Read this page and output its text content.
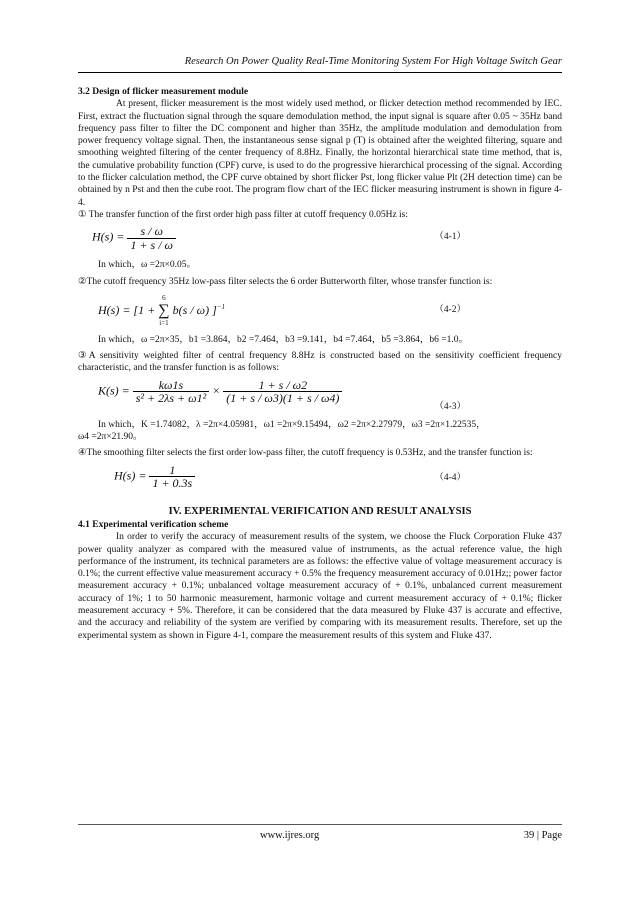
Research On Power Quality Real-Time Monitoring System For High Voltage Switch Gear

3.2 Design of flicker measurement module

At present, flicker measurement is the most widely used method, or flicker detection method recommended by IEC. First, extract the fluctuation signal through the square demodulation method, the input signal is square after 0.05 ~ 35Hz band frequency pass filter to filter the DC component and higher than 35Hz, the amplitude modulation and demodulation from power frequency voltage signal. Then, the instantaneous sense signal p (T) is obtained after the weighted filtering, square and smoothing weighted filtering of the center frequency of 8.8Hz. Finally, the horizontal hierarchical state time method, that is, the cumulative probability function (CPF) curve, is used to do the progressive hierarchical processing of the signal. According to the flicker calculation method, the CPF curve obtained by short flicker Pst, long flicker value Plt (2H detection time) can be obtained by n Pst and then the cube root. The program flow chart of the IEC flicker measuring instrument is shown in figure 4-4.

① The transfer function of the first order high pass filter at cutoff frequency 0.05Hz is:

$H(s) = \frac{s / \omega}{1 + s / \omega}$	（4-1）

In which，ω =2π×0.05。

②The cutoff frequency 35Hz low-pass filter selects the 6 order Butterworth filter, whose transfer function is:

H(s) = [1 +
6
∑
i=1
b(s / ω) ]$^{-1}$	（4-2）

In which，ω =2π×35，b1 =3.864，b2 =7.464，b3 =9.141，b4 =7.464，b5 =3.864，b6 =1.0。

③A sensitivity weighted filter of central frequency 8.8Hz is constructed based on the sensitivity coefficient frequency characteristic, and the transfer function is as follows:

$K(s) = \frac{k\omega 1s}{\text{s² + 2λs + ω1²}} \times \frac{1 + s / \omega 2}{(1 + s / \omega 3)(1 + s / \omega 4)}$
（4-3）

In which，K =1.74082，λ =2π×4.05981，ω1 =2π×9.15494，ω2 =2π×2.27979，ω3 =2π×1.22535，

ω4 =2π×21.90。

④The smoothing filter selects the first order low-pass filter, the cutoff frequency is 0.53Hz, and the transfer function is:

$H(s) = \frac{1}{1 + 0.3s}$	（4-4）

IV. EXPERIMENTAL VERIFICATION AND RESULT ANALYSIS

4.1 Experimental verification scheme

In order to verify the accuracy of measurement results of the system, we choose the Fluck Corporation Fluke 437 power quality analyzer as compared with the measured value of instruments, as the actual reference value, the high performance of the instrument, its technical parameters are as follows: the effective value of voltage measurement accuracy is 0.1%; the current effective value measurement accuracy + 0.5% the frequency measurement accuracy of 0.01Hz;; power factor measurement accuracy + 0.1%; unbalanced voltage measurement accuracy of + 0.1%, unbalanced current measurement accuracy of 1%; 1 to 50 harmonic measurement, harmonic voltage and current measurement accuracy of + 0.1%; flicker measurement accuracy + 5%. Therefore, it can be considered that the data measured by Fluke 437 is accurate and effective, and the accuracy and reliability of the system are verified by comparing with its measurement results. Therefore, set up the experimental system as shown in Figure 4-1, compare the measurement results of this system and Fluke 437.

www.ijres.org	39 | Page
